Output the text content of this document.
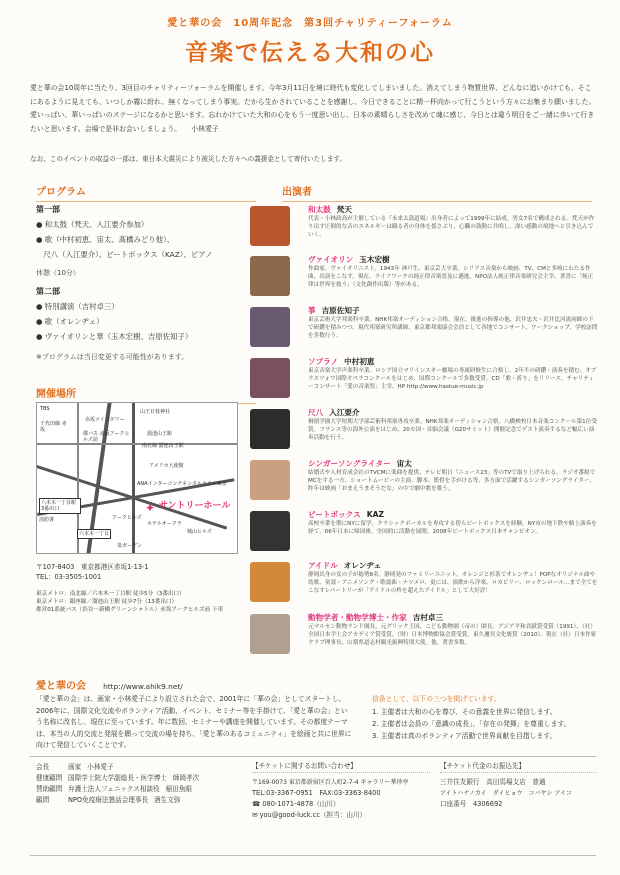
愛と華の会　10周年記念　第3回チャリティーフォーラム
音楽で伝える大和の心
愛と華の会10周年に当たり、3回目のチャリティーフォーラムを開催します。今年3月11日を境に時代も変化してしまいました。消えてしまう物質世界、どんなに追いかけても、そこにあるように見えても、いつしか霧に紛れ、無くなってしまう事実。だから生かされていることを感謝し、今日できることに精一杯向かって行こうという方々にお集まり願いました。愛いっぱい、華いっぱいのステージになるかと思います。忘れかけていた大和の心をもう一度思い出し、日本の素晴らしさを改めて魂に感じ、今日とは違う明日をご一緒に歩いて行きたいと思います。会場で是非お会いしましょう。 小林愛子
なお、このイベントの収益の一部は、東日本大震災により被災した方々への義援金として寄付いたします。
プログラム
第一部
● 和太鼓（梵天、入江要介参加）
● 歌（中村初恵、宙太、髙橋みどり他）、
　尺八（入江要介）、ビートボックス（KAZ）、ピアノ
休憩（10分）
第二部
● 特別講演（吉村卓三）
● 歌（オレンヂェ）
● ヴァイオリンと華（玉木宏樹、吉原佐知子）
※プログラムは当日変更する可能性があります。
開催場所
TBS
千代田線 赤坂
赤坂ツインタワー
山王日枝神社
都バス 赤坂アークヒルズ前
溜池山王駅
南北線 溜池山王駅
アメリカ大使館
ANAインターコンチネンタルホテル東京
六本木一丁目駅 3番出口	✦ サントリーホール
アークヒルズ
ホテルオークラ
六本木一丁目	城山ヒルズ
消防署
泉ガーデン
〒107-8403　東京都港区赤坂1-13-1
TEL：03-3505-1001
東京メトロ：南北線／六本木一丁目駅 徒歩5分（3番出口）
東京メトロ：銀座線／溜池山王駅 徒歩7分（13番出口）
都営01系統バス（渋谷～新橋グリーンシャトル）赤坂アークヒルズ前 下車
出演者
和太鼓 梵天
代表・小林政高が主催している『未来太鼓道場』出身者によって1999年に結成。男女7名で構成される。梵天が作り出す圧倒的な音のエネルギーは観る者の身体を揺さぶり、心臓の鼓動に共鳴し、深い感動の境地へと引き込んでいく。
ヴァイオリン 玉木宏樹
作曲家、ヴァイオリニスト。1943年 神戸生。東京芸大卒業。シリアス音楽から映画、TV、CMと多岐にわたる作曲、出演をこなす。現在、ライフワークの純正律音楽普及に邁進。NPO法人純正律音楽研究会主宰。著書に「純正律は世界を救う」（文化創作出版）等がある。
箏 吉原佐知子
東京芸術大学邦楽科卒業。NHK邦楽オーディション合格。現在、後進の指導の他、沢井忠夫・沢井比河流両師の下で研鑽を積みつつ、現代邦楽研究所講師、東京都邦楽協会会員として各地でコンサート、ワークショップ、学校訪問を多数行う。
ソプラノ 中村初恵
東京音楽大学声楽科卒業。ロシア国立マリインスキー劇場の専属研修生に合格し、2年半の研鑽・演奏を積む。オブラスツォワ国際オペラコンクールをはじめ、国際コンクールで多数受賞。CD「歌・祈り」をリリース。チャリティーコンサート「愛の音楽祭」主宰。HP http://www.hastue-music.jp
尺八 入江要介
桐朋学園大学短期大学部芸術科邦楽専攻卒業。NHK邦楽オーディション合格。八橋検校日本音楽コンクール第1位受賞。フランス等の海外公演をはじめ、20カ国・首脳会議（G20サミット）開催記念でゲスト演奏するなど幅広い演奏活動を行う。
シンガーソングライター 宙太
結婚式や人材育成会社のTVCMに楽曲を提供。テレビ朝日「ニュース23」等のTVで取り上げられる。ラジオ番組でMCをする一方、ショートムービーの主演、脚本、監督を手がける等、多方面で活躍するシンガーソングライター。昨年は映画「おまえうまそうだな」の中で劇中歌を歌う。
ビートボックス KAZ
高校卒業を期にNYに留学。クラシックボーカルを専攻する傍らビートボックスを経験。NY市の地下鉄や路上演奏を経て、06年日本に帰国後、全国的に活動を展開。2008年ビートボックス日本チャンピオン。
アイドル オレンヂェ
静岡出身の女の子が総勢8名。静岡発のファミリーユニット。オレンジと杉茶でオレンヂェ！POPなオリジナル曲や幼歌、童謡・アニメソング・歌謡曲・ナツメロ、更には、演歌から洋楽、ロカビリー、ロックンロール…まで全てをこなすレパートリーが「アイドルの枠を超えたアイドル」として大好評！
動物学者・動物学博士・作家 吉村卓三
元マルセン動物ランド園長。元グリック王国、こども動物園（帝の）園長。アジア平和貢献賞受賞（1991）、（社）全国日本学士会アカデミア賞受賞。（財）日本博物館協会賞受賞。東久邇宮文化褒賞（2010）。現在（社）日本作家クラブ理事長、山梨県道志村観光振興特別大使。他、著書多数。
愛と華の会 http://www.ahik9.net/
「愛と華の会」は、画家・小林愛子により設立された会で、2001年に「華の会」としてスタートし、2006年に、国際文化交流やボランティア活動、イベント、セミナー等を手掛けて、「愛と華の会」という名称に改名し、現在に至っています。年に数回、セミナーや講座を開催しています。その都度テーマは、本当の人的交流と発展を願って交流の場を持ち、「愛と華のあるコミュニティ」を絵画と共に世界に向けて発信していくことです。
信条として、以下の三つを掲げています。
1. 主催者は大和の心を尊び、その意義を世界に発信します。
2. 主催者は会員の「意識の成長」、「存在の発揮」を尊重します。
3. 主催者は真のボランティア活動で世界貢献を目指します。
会長	画家 小林愛子
健康顧問 国際学士院大学副総長・医学博士 師岡孝次
賛助顧問 弁護士法人フェニックス相談役 稲田魚眼
顧問	NPO免疫療法懇話会理事長 酒生文弥
【チケットに関するお問い合わせ】
〒169-0073 東京都新宿区百人町2-7-4 ギャラリー華珍亭
TEL:03-3367-0951　FAX:03-3363-8400
☎ 080-1071-4878（山川）
✉ you@good-luck.cc（担当：山川）
【チケット代金のお振込先】
三井住友銀行　高田馬場支店　普通
アイトハナノカイ　ダイヒョウ　コバヤシ アイコ
口座番号　4306692
